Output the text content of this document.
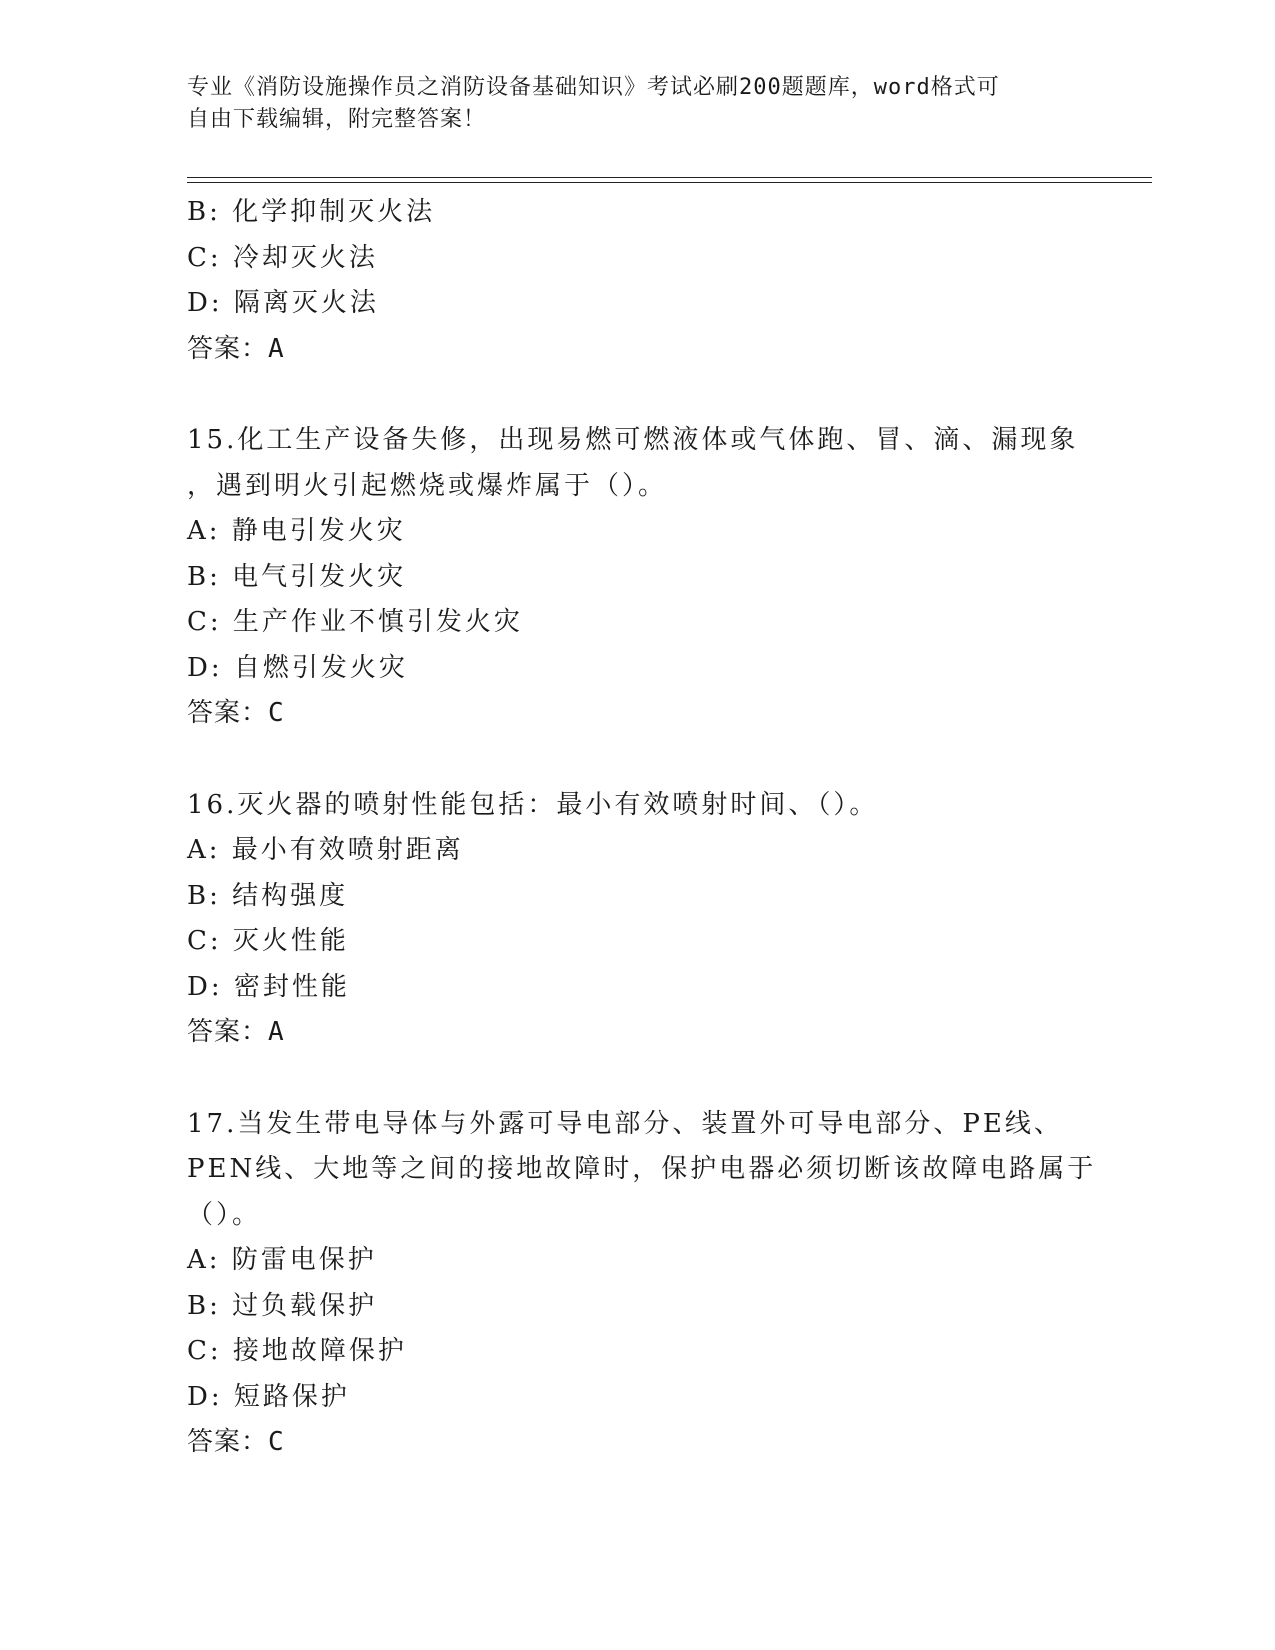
专业《消防设施操作员之消防设备基础知识》考试必刷200题题库，word格式可
自由下载编辑，附完整答案！
B: 化学抑制灭火法
C: 冷却灭火法
D: 隔离灭火法
答案：A
15.化工生产设备失修，出现易燃可燃液体或气体跑、冒、滴、漏现象
，遇到明火引起燃烧或爆炸属于（）。
A: 静电引发火灾
B: 电气引发火灾
C: 生产作业不慎引发火灾
D: 自燃引发火灾
答案：C
16.灭火器的喷射性能包括：最小有效喷射时间、（）。
A: 最小有效喷射距离
B: 结构强度
C: 灭火性能
D: 密封性能
答案：A
17.当发生带电导体与外露可导电部分、装置外可导电部分、PE线、
PEN线、大地等之间的接地故障时，保护电器必须切断该故障电路属于
（）。
A: 防雷电保护
B: 过负载保护
C: 接地故障保护
D: 短路保护
答案：C
